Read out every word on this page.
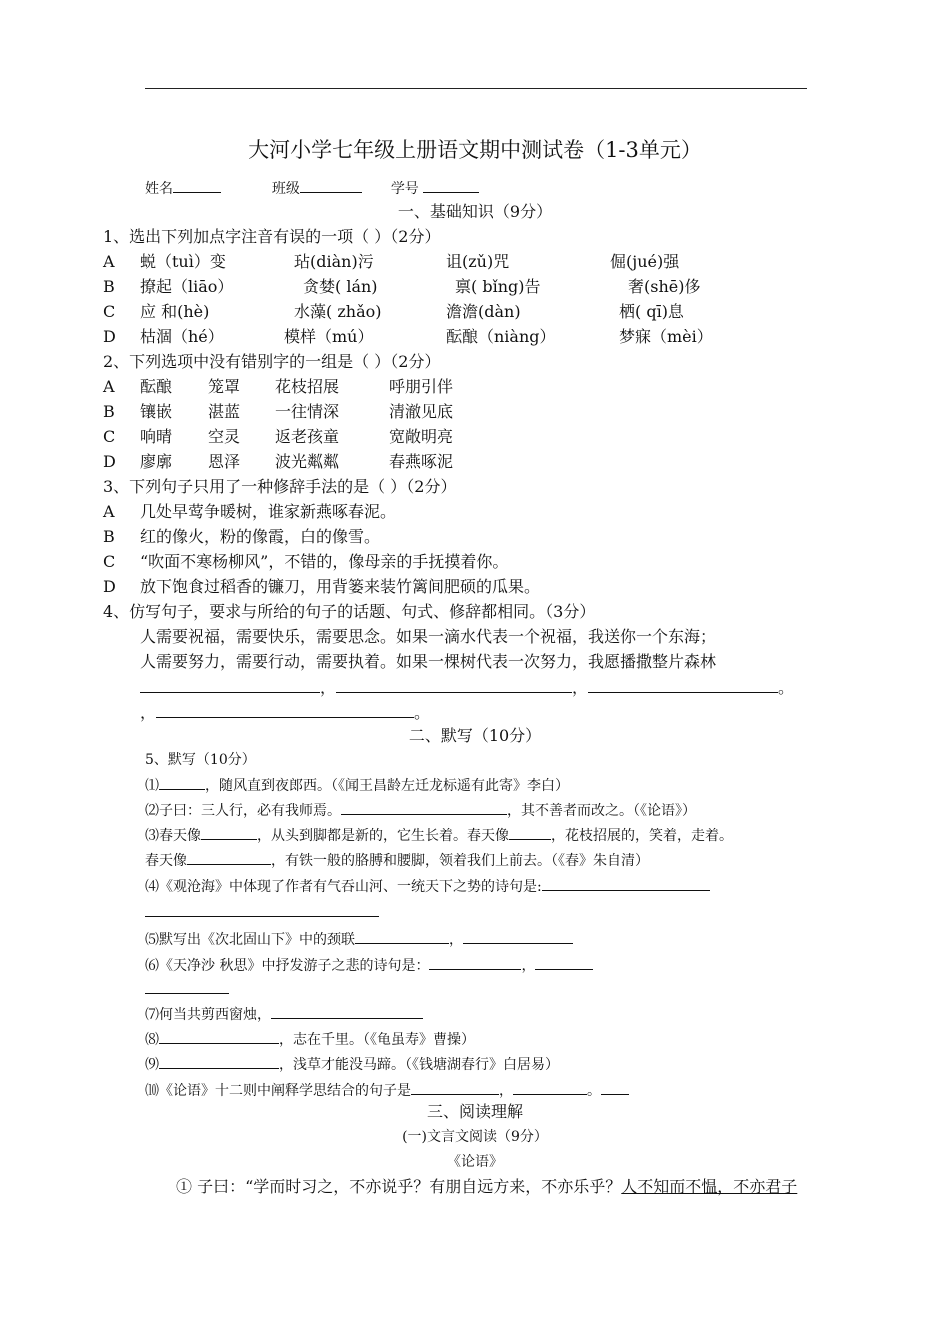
大河小学七年级上册语文期中测试卷（1-3单元）
姓名	班级	学号
一、基础知识（9分）
1、选出下列加点字注音有误的一项（ ）（2分）
A 蜕（tuì）变	玷(diàn)污	诅(zǔ)咒	倔(jué)强
B 撩起（liāo）	贪婪( lán)	禀( bǐng)告	奢(shē)侈
C 应 和(hè)	水藻( zhǎo)	澹澹(dàn)	栖( qī)息
D 枯涸（hé）	模样（mú）	酝酿（niàng）	梦寐（mèi）
2、下列选项中没有错别字的一组是（ ）（2分）
A 酝酿 笼罩 花枝招展	呼朋引伴
B 镶嵌 湛蓝 一往情深	清澈见底
C 响晴 空灵 返老孩童	宽敞明亮
D 廖廓 恩泽 波光粼粼	春燕啄泥
3、下列句子只用了一种修辞手法的是（ ）（2分）
A 几处早莺争暖树，谁家新燕啄春泥。
B 红的像火，粉的像霞，白的像雪。
C “吹面不寒杨柳风”，不错的，像母亲的手抚摸着你。
D 放下饱食过稻香的镰刀，用背篓来装竹篱间肥硕的瓜果。
4、仿写句子，要求与所给的句子的话题、句式、修辞都相同。（3分）
人需要祝福，需要快乐，需要思念。如果一滴水代表一个祝福，我送你一个东海；
人需要努力，需要行动，需要执着。如果一棵树代表一次努力，我愿播撒整片森林
，	，	。
，	。
二、默写（10分）
5、默写（10分）
⑴	，随风直到夜郎西。（《闻王昌龄左迁龙标遥有此寄》李白）
⑵子曰：三人行，必有我师焉。	，其不善者而改之。（《论语》）
⑶春天像	，从头到脚都是新的，它生长着。春天像	，花枝招展的，笑着，走着。
春天像	，有铁一般的胳膊和腰脚，领着我们上前去。（《春》朱自清）
⑷《观沧海》中体现了作者有气吞山河、一统天下之势的诗句是:
⑸默写出《次北固山下》中的颈联	，
⑹《天净沙 秋思》中抒发游子之悲的诗句是：	，
⑺何当共剪西窗烛，
⑻	，志在千里。（《龟虽寿》曹操）
⑼	，浅草才能没马蹄。（《钱塘湖春行》白居易）
⑽《论语》十二则中阐释学思结合的句子是	，	。
三、阅读理解
(一)文言文阅读（9分）
《论语》
① 子曰：“学而时习之，不亦说乎？有朋自远方来，不亦乐乎？人不知而不愠，不亦君子
